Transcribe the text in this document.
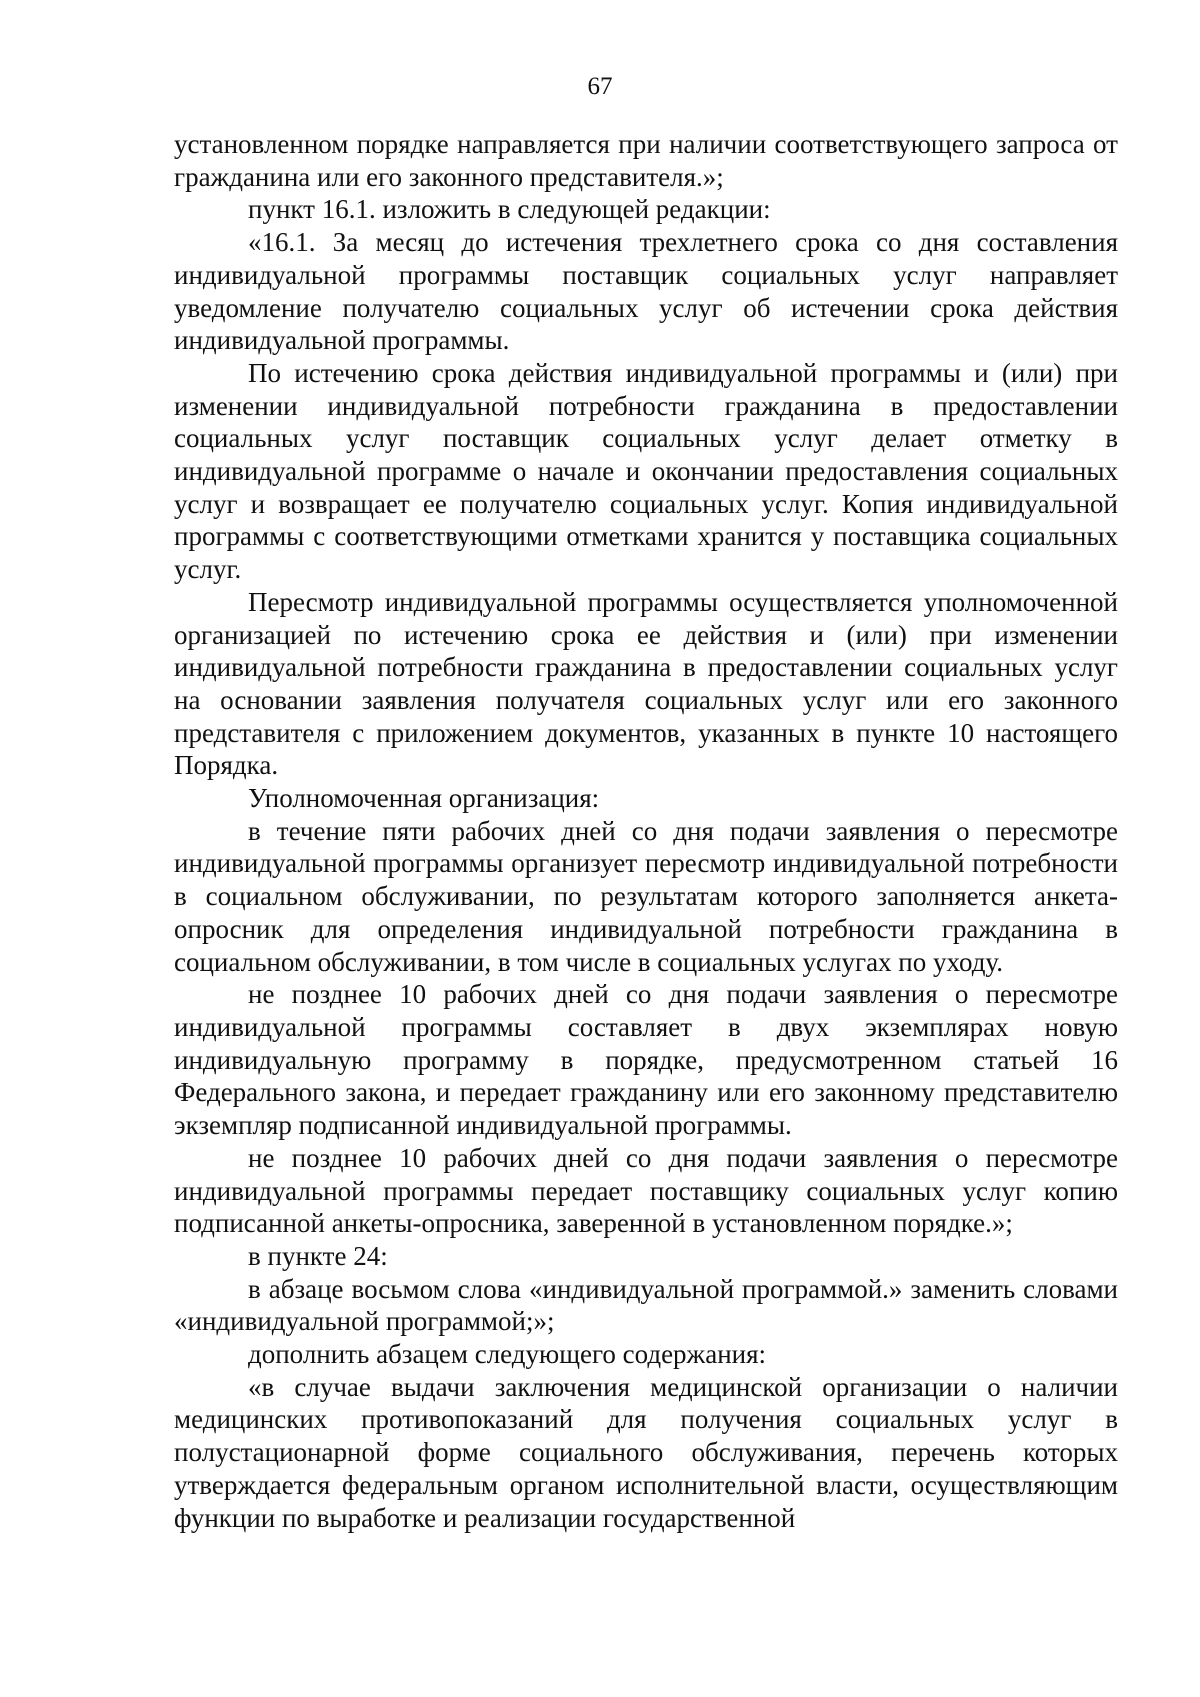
67

установленном порядке направляется при наличии соответствующего запроса от гражданина или его законного представителя.»;

пункт 16.1. изложить в следующей редакции:

«16.1. За месяц до истечения трехлетнего срока со дня составления индивидуальной программы поставщик социальных услуг направляет уведомление получателю социальных услуг об истечении срока действия индивидуальной программы.

По истечению срока действия индивидуальной программы и (или) при изменении индивидуальной потребности гражданина в предоставлении социальных услуг поставщик социальных услуг делает отметку в индивидуальной программе о начале и окончании предоставления социальных услуг и возвращает ее получателю социальных услуг. Копия индивидуальной программы с соответствующими отметками хранится у поставщика социальных услуг.

Пересмотр индивидуальной программы осуществляется уполномоченной организацией по истечению срока ее действия и (или) при изменении индивидуальной потребности гражданина в предоставлении социальных услуг на основании заявления получателя социальных услуг или его законного представителя с приложением документов, указанных в пункте 10 настоящего Порядка.

Уполномоченная организация:

в течение пяти рабочих дней со дня подачи заявления о пересмотре индивидуальной программы организует пересмотр индивидуальной потребности в социальном обслуживании, по результатам которого заполняется анкета-опросник для определения индивидуальной потребности гражданина в социальном обслуживании, в том числе в социальных услугах по уходу.

не позднее 10 рабочих дней со дня подачи заявления о пересмотре индивидуальной программы составляет в двух экземплярах новую индивидуальную программу в порядке, предусмотренном статьей 16 Федерального закона, и передает гражданину или его законному представителю экземпляр подписанной индивидуальной программы.

не позднее 10 рабочих дней со дня подачи заявления о пересмотре индивидуальной программы передает поставщику социальных услуг копию подписанной анкеты-опросника, заверенной в установленном порядке.»;

в пункте 24:

в абзаце восьмом слова «индивидуальной программой.» заменить словами «индивидуальной программой;»;

дополнить абзацем следующего содержания:

«в случае выдачи заключения медицинской организации о наличии медицинских противопоказаний для получения социальных услуг в полустационарной форме социального обслуживания, перечень которых утверждается федеральным органом исполнительной власти, осуществляющим функции по выработке и реализации государственной
